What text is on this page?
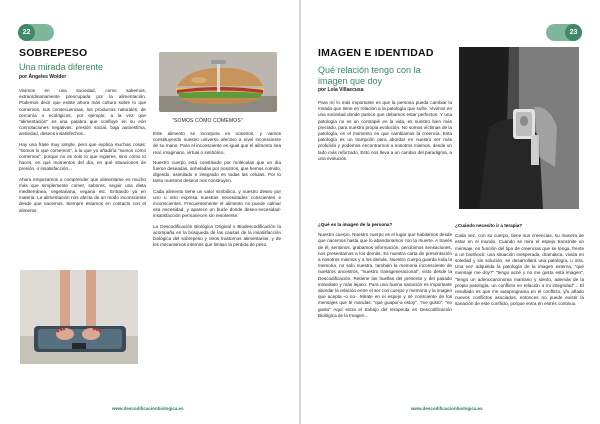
22
SOBREPESO
Una mirada diferente
por Ángeles Wolder

Vivimos en una sociedad, como sabemos, extraordinariamente preocupada por la alimentación. Podemos decir que existe ahora más cultura sobre lo que comemos, sus consecuencias, los productos naturales, de cercanía o ecológicos, por ejemplo; a la vez que "alimentación" es una palabra que confluye en su eón connotaciones negativas: presión social, baja autoestima, ansiedad, deseos insatisfechos...

Hay una frase muy simple, pero que explica muchas cosas: "somos lo que comemos", a la que yo añadiría "somos cómo comemos", porque no es solo lo que ingieres, sino cómo lo haces, en qué momentos del día, en qué situaciones de presión, o insatisfacción...

Ahora empezamos a comprender que alimentarse es mucho más que simplemente comer, sabores, seguir una dieta mediterránea, vegetariana, vegana etc. Entrando ya en materia: La alimentación nos afecta de un modo inconsciente desde que nacemos. Siempre estamos en contacto con el alimento.

"SOMOS CÓMO COMEMOS"

Este alimento se incorpora en nosotros, y vamos constituyendo nuestro universo afectivo a nivel inconsciente de su mano. Para el inconsciente es igual que el alimento sea real, imaginario, virtual o simbólico.

Nuestro cuerpo está constituido por moléculas que un día fueron deseadas, anheladas por nosotros, que hemos comido, digerido, asimilado e integrado en todas las células. Por lo tanto nuestros deseos nos construyen.

Cada alimento tiene un valor simbólico, y nuestro deseo por uno u otro expresa nuestras necesidades conscientes e inconscientes. Frecuentemente el alimento no puede calmar esa necesidad, y aparece un bucle donde deseo-necesidad-insatisfacción permanecen sin resolverse.

La Descodificación Biológica Original o Biodescodificación la acompaña en la búsqueda de las causas de la insatisfacción biológica del sobrepeso y otros trastornos alimentarios, y de los mecanismos internos que limitan la pérdida de peso.

www.descodificacionbiologica.es
23
IMAGEN E IDENTIDAD
Qué relación tengo con la imagen que doy
por Lola Villaecusa
Para mí lo más importante es que la persona pueda cambiar la mirada que tiene en relación a la patología que sufre. Vivimos en una sociedad donde parece que debamos estar perfectos. Y una patología no es un contrapié en la vida, es nuestro bien más preciado, para nuestra propia evolución. No somos víctimas de la patología, en el momento en que cambiamos la creencia. Esta patología es un trampolín para abordar en nuestro ser más profundo y podemos encontrarnos a nosotros mismos, desde un lado más reforzado. Esto nos lleva a un cambio del paradigma, a una evolución.

¿Qué es la imagen de la persona?

Nuestro cuerpo. Nuestro cuerpo es el lugar que habitamos desde que nacemos hasta que lo abandonamos con la muerte. A través de él, sentimos, grabamos información, percibimos sensaciones, nos presentamos a los demás. Es nuestra carta de presentación a nosotros mismos y a los demás. Nuestro cuerpo guarda toda la memoria, no solo nuestra, también la memoria inconsciente de nuestros ancestros, "nuestro transgeneracional", visto desde la Descodificación. Retiene las huellas del presente y del pasado inmediato y más lejano. Para una buena sanación es importante abordar la relación entre el ser con cuerpo y memoria y la imagen que acepta -o no-. Mirate en el espejo y sé consciente de los mensajes que te mandas: "qué guapo/-a estoy", "me gusto", "no gusto" Aquí entra el trabajo del terapeuta en Descodificación Biológica de la Imagen...

¿Cuándo necesito ir a terapia?

Cada vez, con su cuerpo, tiene sus creencias, su manera de estar en el mundo. Cuando se mira el espejo transmite un mensaje, en función del tipo de creencias que se tenga, frente a un bioshock: una situación inesperada, dramática, vivida en soledad y sin solución, se desarrollará una patología, u otra. Una vez adquirida la patología de la imagen externa, "qué mensaje me doy?" "tengo acné y no me gusta esta imagen", "tengo un adenocarcinoma mamario y siento, además de la propia patología, un conflicto en relación a mi integridad"... El resultado es que me autoprograma en el conflicto, y/o añado nuevos conflictos asociados, entonces no puede existir la sanación de este conflicto, porque entra en estrés continuo.

www.descodificacionbiologica.es
